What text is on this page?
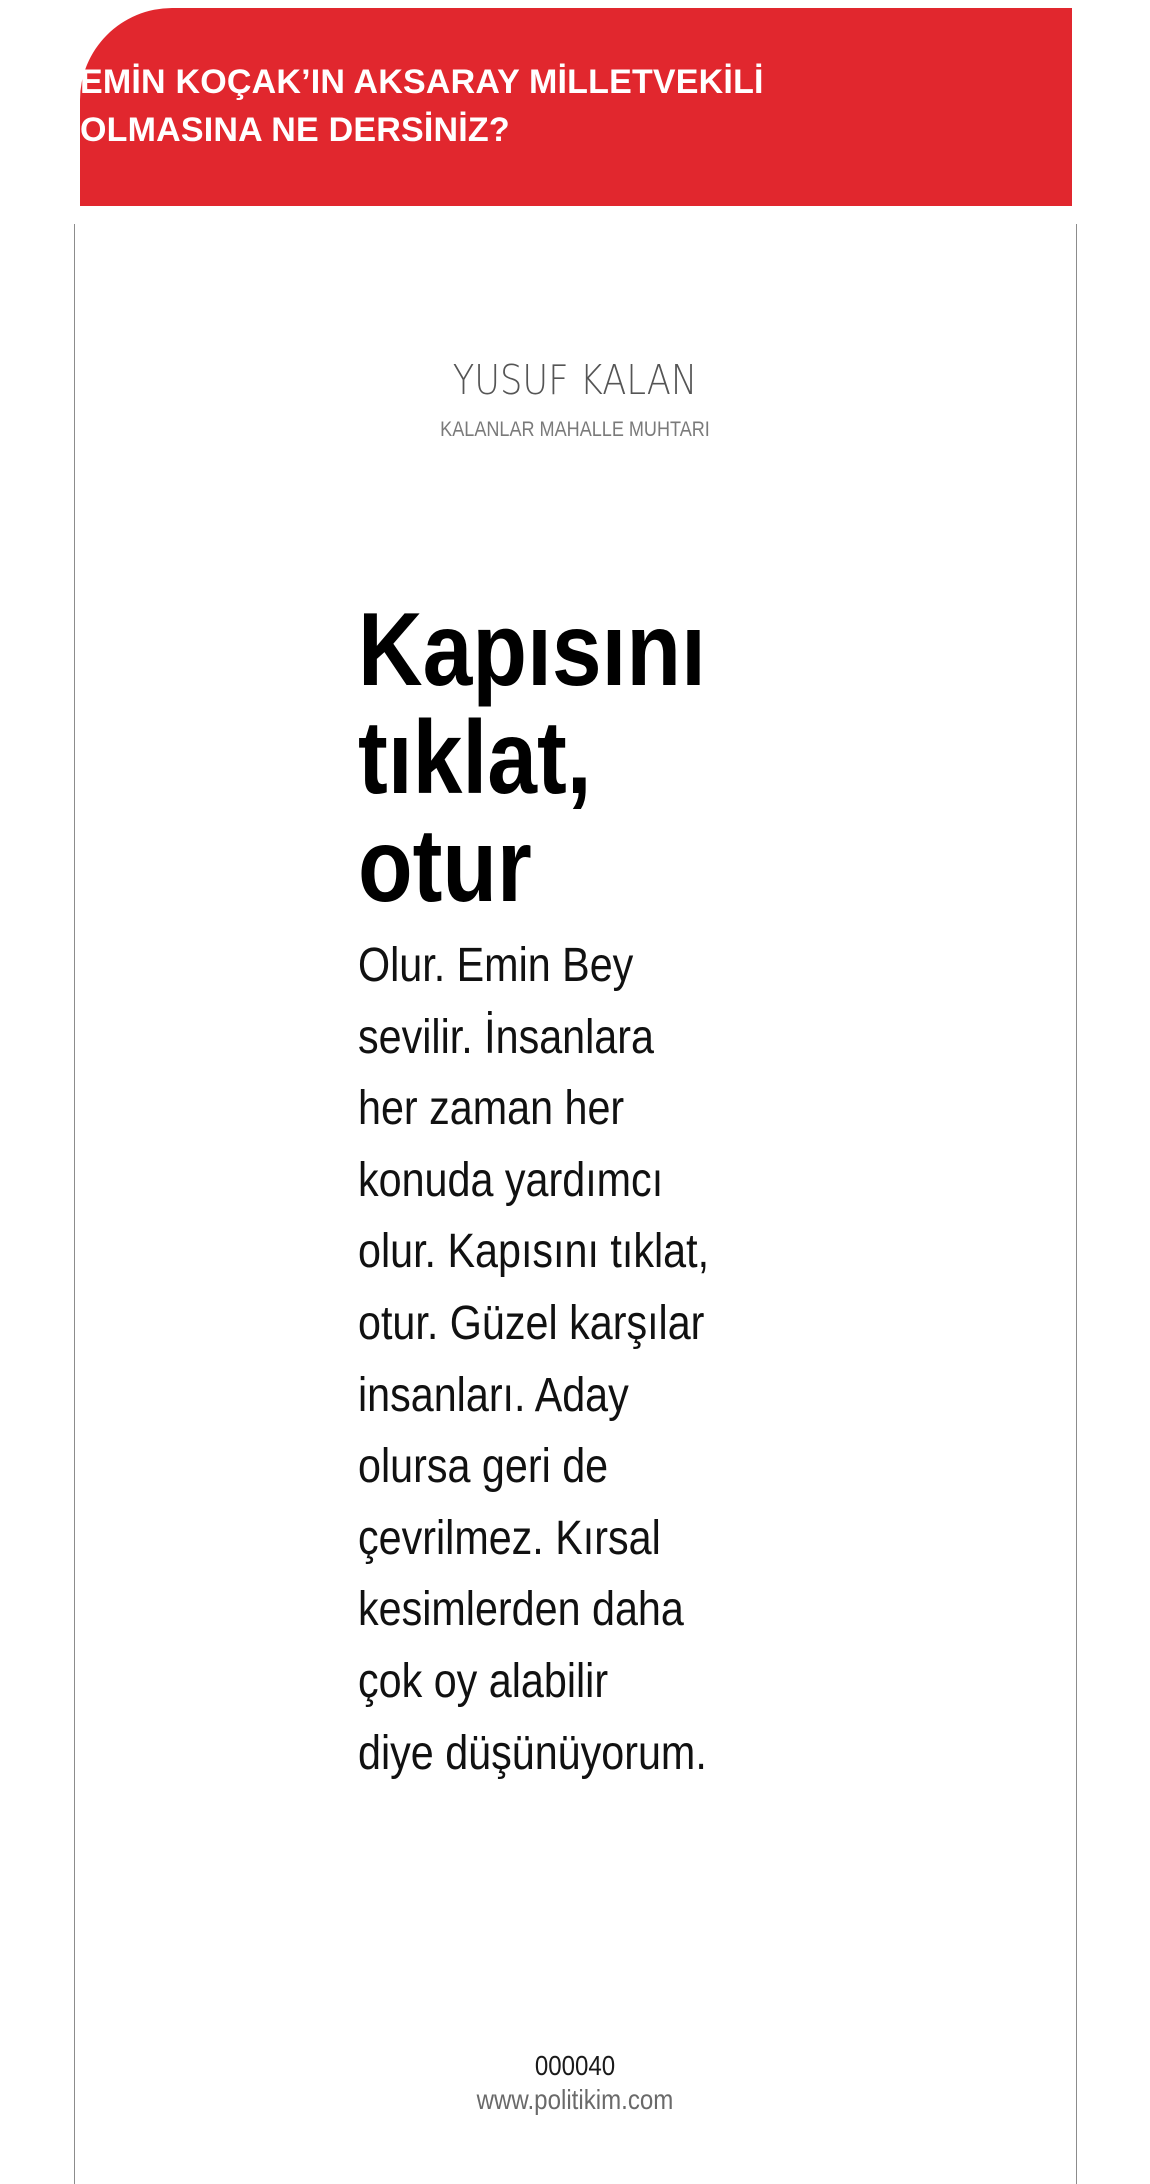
EMİN KOÇAK’IN AKSARAY MİLLETVEKİLİ
OLMASINA NE DERSİNİZ?
YUSUF KALAN
KALANLAR MAHALLE MUHTARI
Kapısını
tıklat,
otur
Olur. Emin Bey
sevilir. İnsanlara
her zaman her
konuda yardımcı
olur. Kapısını tıklat,
otur. Güzel karşılar
insanları. Aday
olursa geri de
çevrilmez. Kırsal
kesimlerden daha
çok oy alabilir
diye düşünüyorum.
000040
www.politikim.com
